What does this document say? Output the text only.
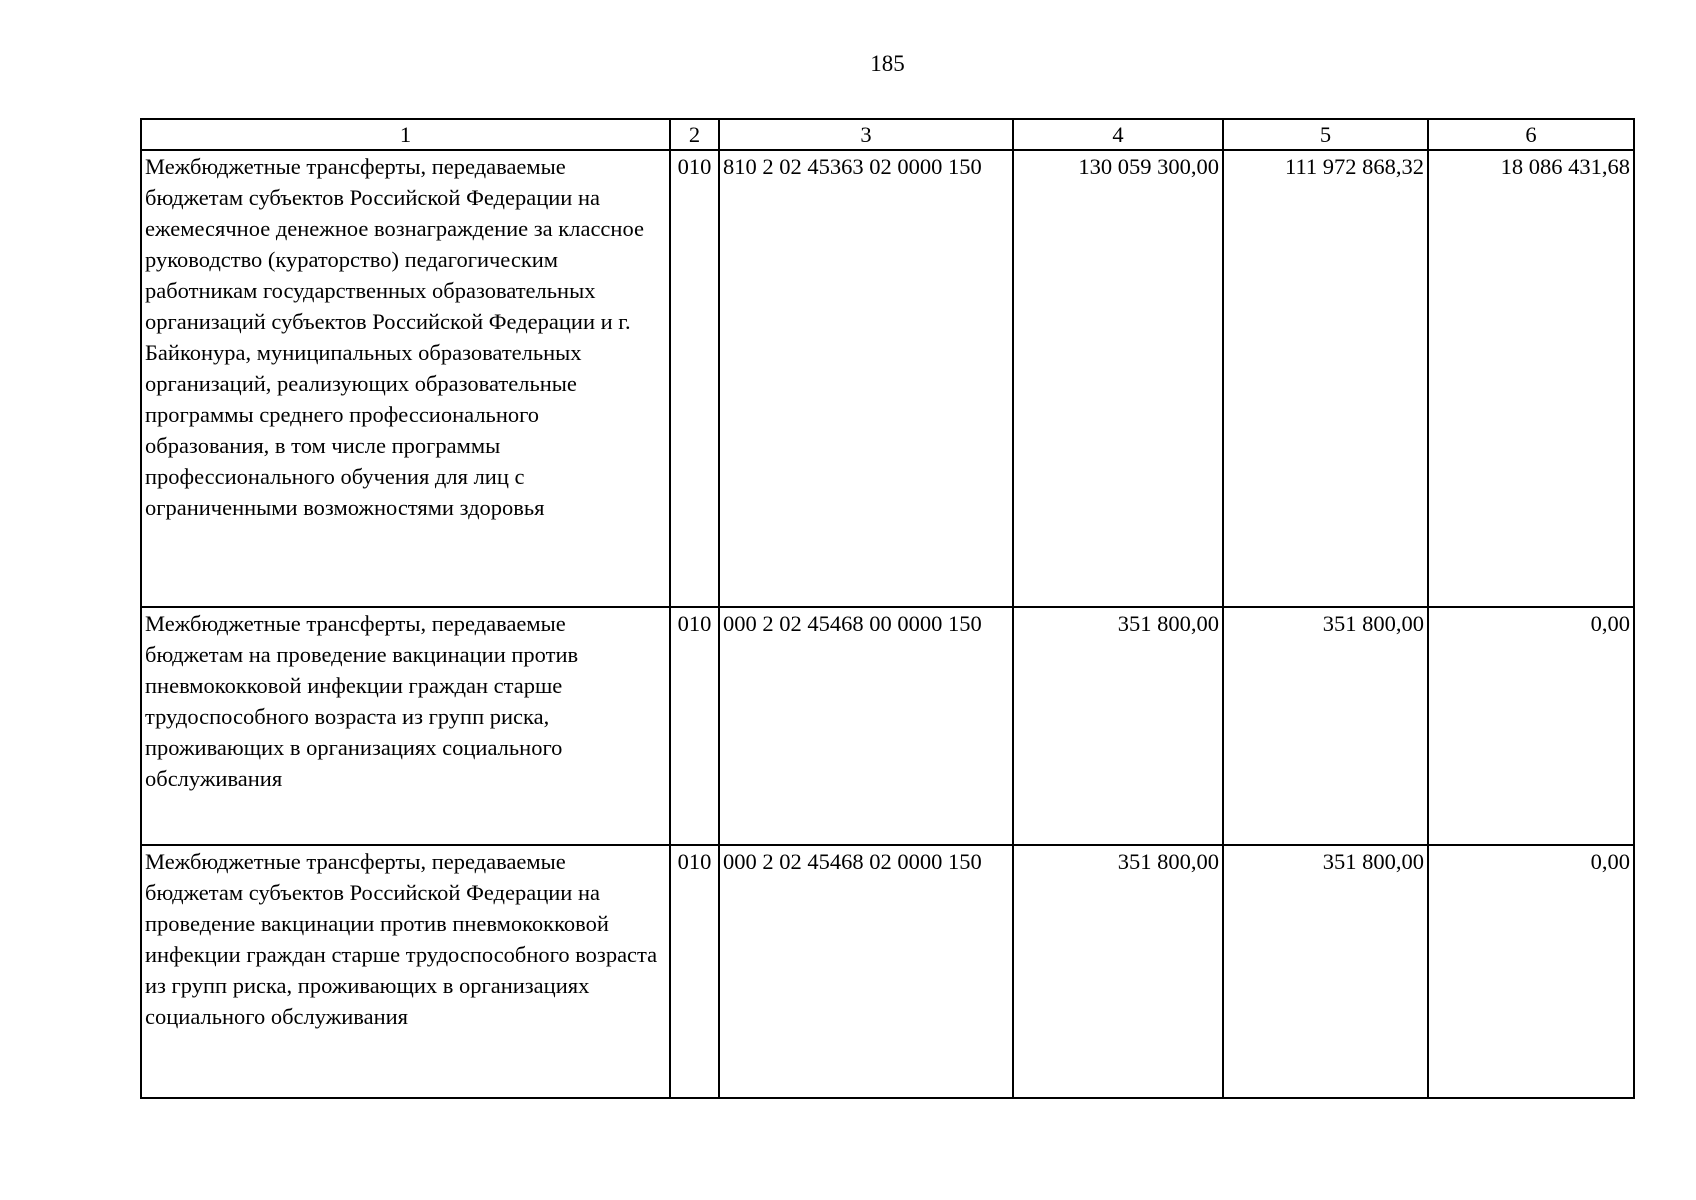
185
1	2	3	4	5	6
Межбюджетные трансферты, передаваемые бюджетам субъектов Российской Федерации на ежемесячное денежное вознаграждение за классное руководство (кураторство) педагогическим работникам государственных образовательных организаций субъектов Российской Федерации и г. Байконура, муниципальных образовательных организаций, реализующих образовательные программы среднего профессионального образования, в том числе программы профессионального обучения для лиц с ограниченными возможностями здоровья	010	810 2 02 45363 02 0000 150	130 059 300,00	111 972 868,32	18 086 431,68
Межбюджетные трансферты, передаваемые бюджетам на проведение вакцинации против пневмококковой инфекции граждан старше трудоспособного возраста из групп риска, проживающих в организациях социального обслуживания	010	000 2 02 45468 00 0000 150	351 800,00	351 800,00	0,00
Межбюджетные трансферты, передаваемые бюджетам субъектов Российской Федерации на проведение вакцинации против пневмококковой инфекции граждан старше трудоспособного возраста из групп риска, проживающих в организациях социального обслуживания	010	000 2 02 45468 02 0000 150	351 800,00	351 800,00	0,00
